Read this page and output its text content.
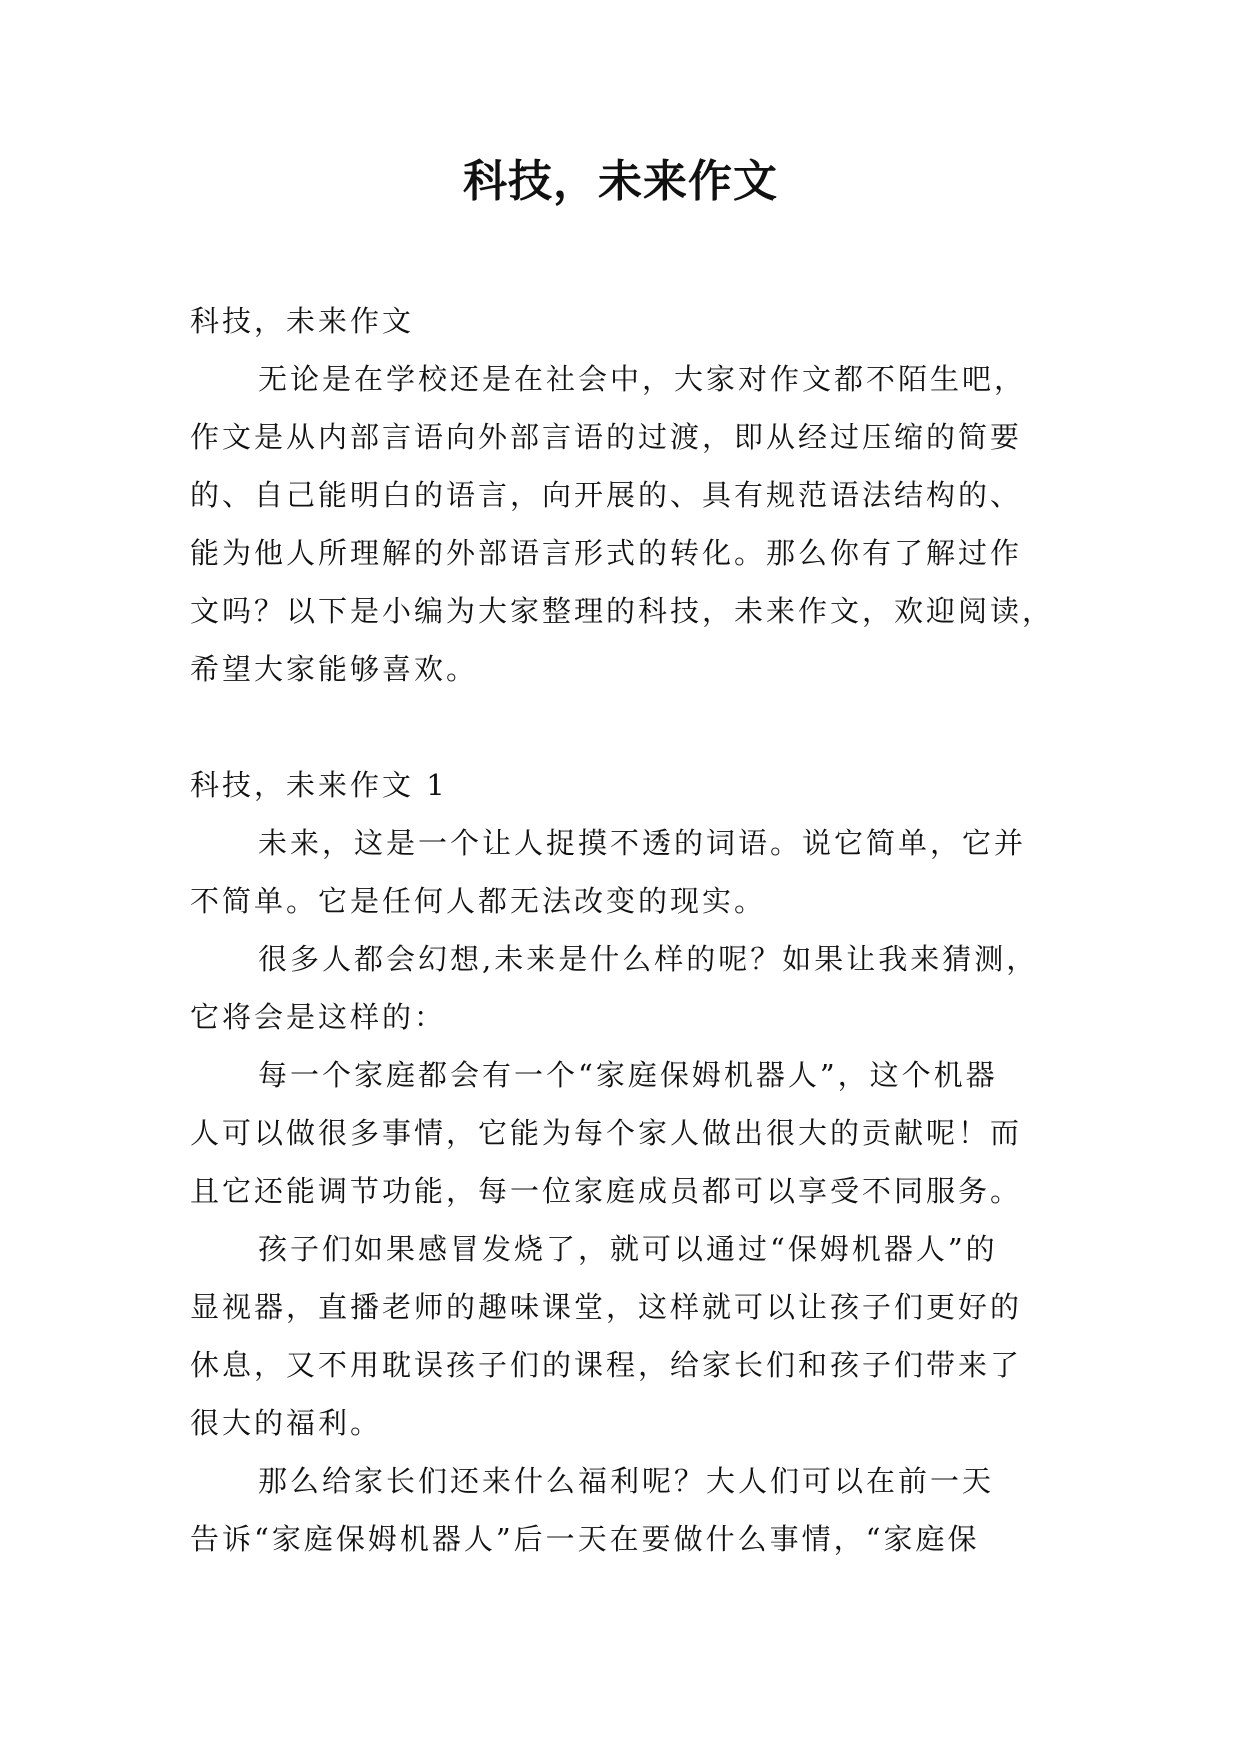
科技，未来作文

科技，未来作文

无论是在学校还是在社会中，大家对作文都不陌生吧，

作文是从内部言语向外部言语的过渡，即从经过压缩的简要

的、自己能明白的语言，向开展的、具有规范语法结构的、

能为他人所理解的外部语言形式的转化。那么你有了解过作

文吗？以下是小编为大家整理的科技，未来作文，欢迎阅读，

希望大家能够喜欢。

科技，未来作文 1

未来，这是一个让人捉摸不透的词语。说它简单，它并

不简单。它是任何人都无法改变的现实。

很多人都会幻想,未来是什么样的呢？如果让我来猜测，

它将会是这样的：

每一个家庭都会有一个“家庭保姆机器人”，这个机器

人可以做很多事情，它能为每个家人做出很大的贡献呢！而

且它还能调节功能，每一位家庭成员都可以享受不同服务。

孩子们如果感冒发烧了，就可以通过“保姆机器人”的

显视器，直播老师的趣味课堂，这样就可以让孩子们更好的

休息，又不用耽误孩子们的课程，给家长们和孩子们带来了

很大的福利。

那么给家长们还来什么福利呢？大人们可以在前一天

告诉“家庭保姆机器人”后一天在要做什么事情，“家庭保
